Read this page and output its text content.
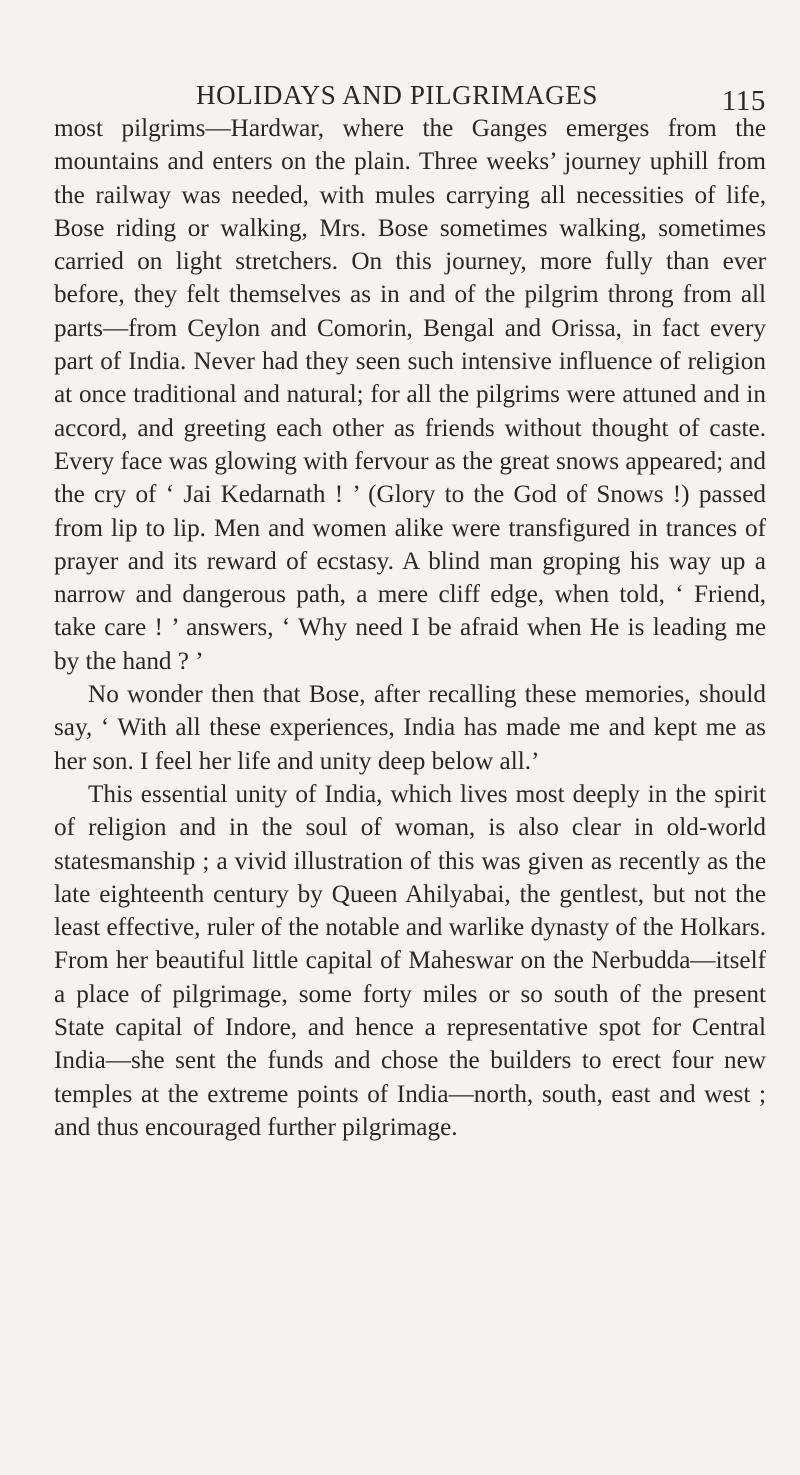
HOLIDAYS AND PILGRIMAGES	115

most pilgrims—Hardwar, where the Ganges emerges from the mountains and enters on the plain. Three weeks’ journey uphill from the railway was needed, with mules carrying all necessities of life, Bose riding or walking, Mrs. Bose sometimes walking, sometimes carried on light stretchers. On this journey, more fully than ever before, they felt themselves as in and of the pilgrim throng from all parts—from Ceylon and Comorin, Bengal and Orissa, in fact every part of India. Never had they seen such intensive influence of religion at once traditional and natural; for all the pilgrims were attuned and in accord, and greeting each other as friends without thought of caste. Every face was glowing with fervour as the great snows appeared; and the cry of ‘ Jai Kedarnath ! ’ (Glory to the God of Snows !) passed from lip to lip. Men and women alike were transfigured in trances of prayer and its reward of ecstasy. A blind man groping his way up a narrow and dangerous path, a mere cliff edge, when told, ‘ Friend, take care ! ’ answers, ‘ Why need I be afraid when He is leading me by the hand ? ’

No wonder then that Bose, after recalling these memories, should say, ‘ With all these experiences, India has made me and kept me as her son. I feel her life and unity deep below all.’

This essential unity of India, which lives most deeply in the spirit of religion and in the soul of woman, is also clear in old-world statesmanship ; a vivid illustration of this was given as recently as the late eighteenth century by Queen Ahilyabai, the gentlest, but not the least effective, ruler of the notable and warlike dynasty of the Holkars. From her beautiful little capital of Maheswar on the Nerbudda—itself a place of pilgrimage, some forty miles or so south of the present State capital of Indore, and hence a representative spot for Central India—she sent the funds and chose the builders to erect four new temples at the extreme points of India—north, south, east and west ; and thus encouraged further pilgrimage.
